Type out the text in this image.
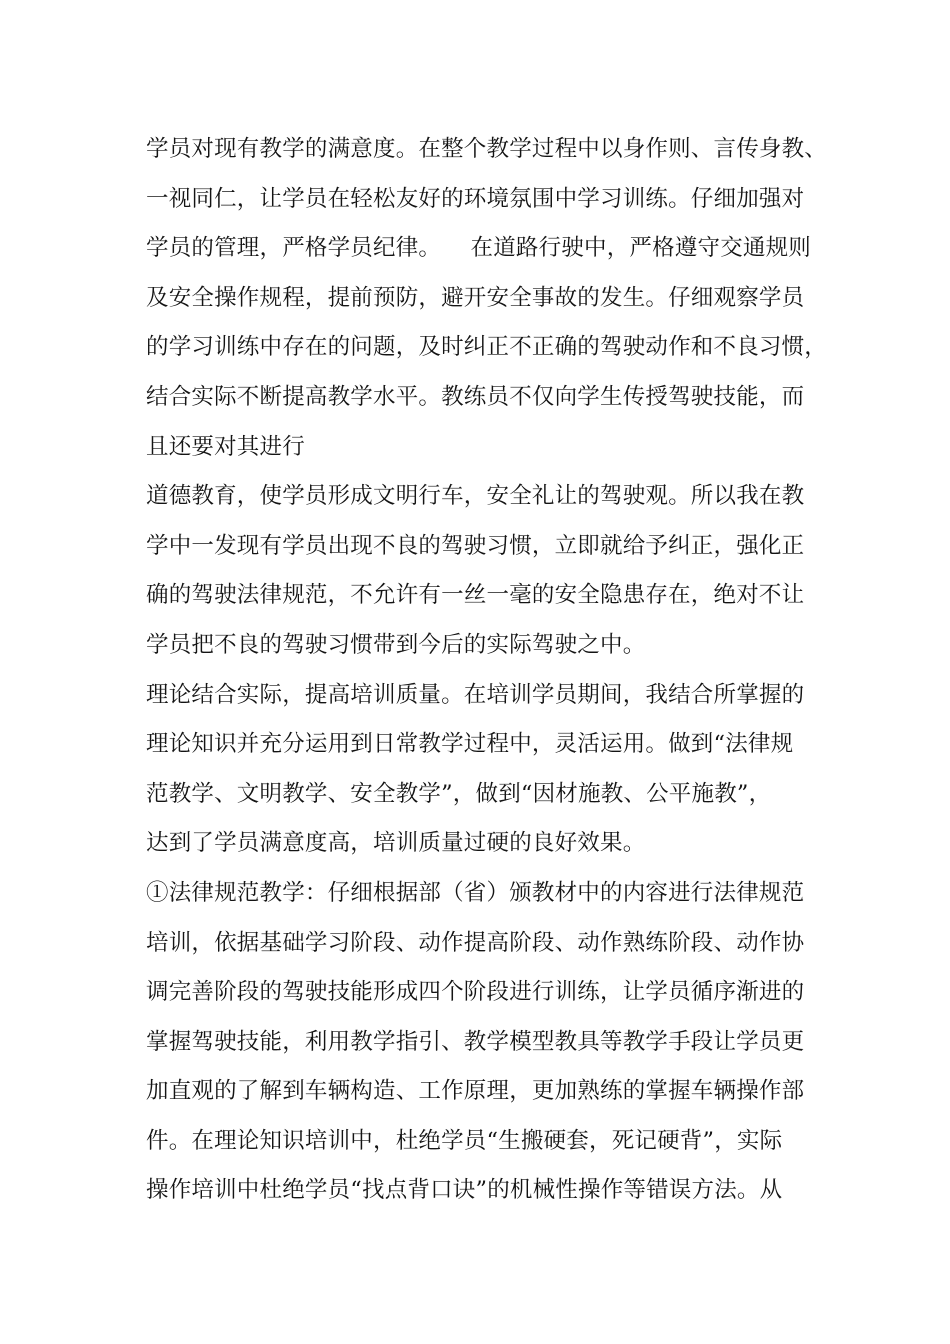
学员对现有教学的满意度。在整个教学过程中以身作则、言传身教、
一视同仁，让学员在轻松友好的环境氛围中学习训练。仔细加强对
学员的管理，严格学员纪律。    在道路行驶中，严格遵守交通规则
及安全操作规程，提前预防，避开安全事故的发生。仔细观察学员
的学习训练中存在的问题，及时纠正不正确的驾驶动作和不良习惯，
结合实际不断提高教学水平。教练员不仅向学生传授驾驶技能，而
且还要对其进行
道德教育，使学员形成文明行车，安全礼让的驾驶观。所以我在教
学中一发现有学员出现不良的驾驶习惯，立即就给予纠正，强化正
确的驾驶法律规范，不允许有一丝一毫的安全隐患存在，绝对不让
学员把不良的驾驶习惯带到今后的实际驾驶之中。
理论结合实际，提高培训质量。在培训学员期间，我结合所掌握的
理论知识并充分运用到日常教学过程中，灵活运用。做到“法律规
范教学、文明教学、安全教学”，做到“因材施教、公平施教”，
达到了学员满意度高，培训质量过硬的良好效果。
①法律规范教学：仔细根据部（省）颁教材中的内容进行法律规范
培训，依据基础学习阶段、动作提高阶段、动作熟练阶段、动作协
调完善阶段的驾驶技能形成四个阶段进行训练，让学员循序渐进的
掌握驾驶技能，利用教学指引、教学模型教具等教学手段让学员更
加直观的了解到车辆构造、工作原理，更加熟练的掌握车辆操作部
件。在理论知识培训中，杜绝学员“生搬硬套，死记硬背”，实际
操作培训中杜绝学员“找点背口诀”的机械性操作等错误方法。从
